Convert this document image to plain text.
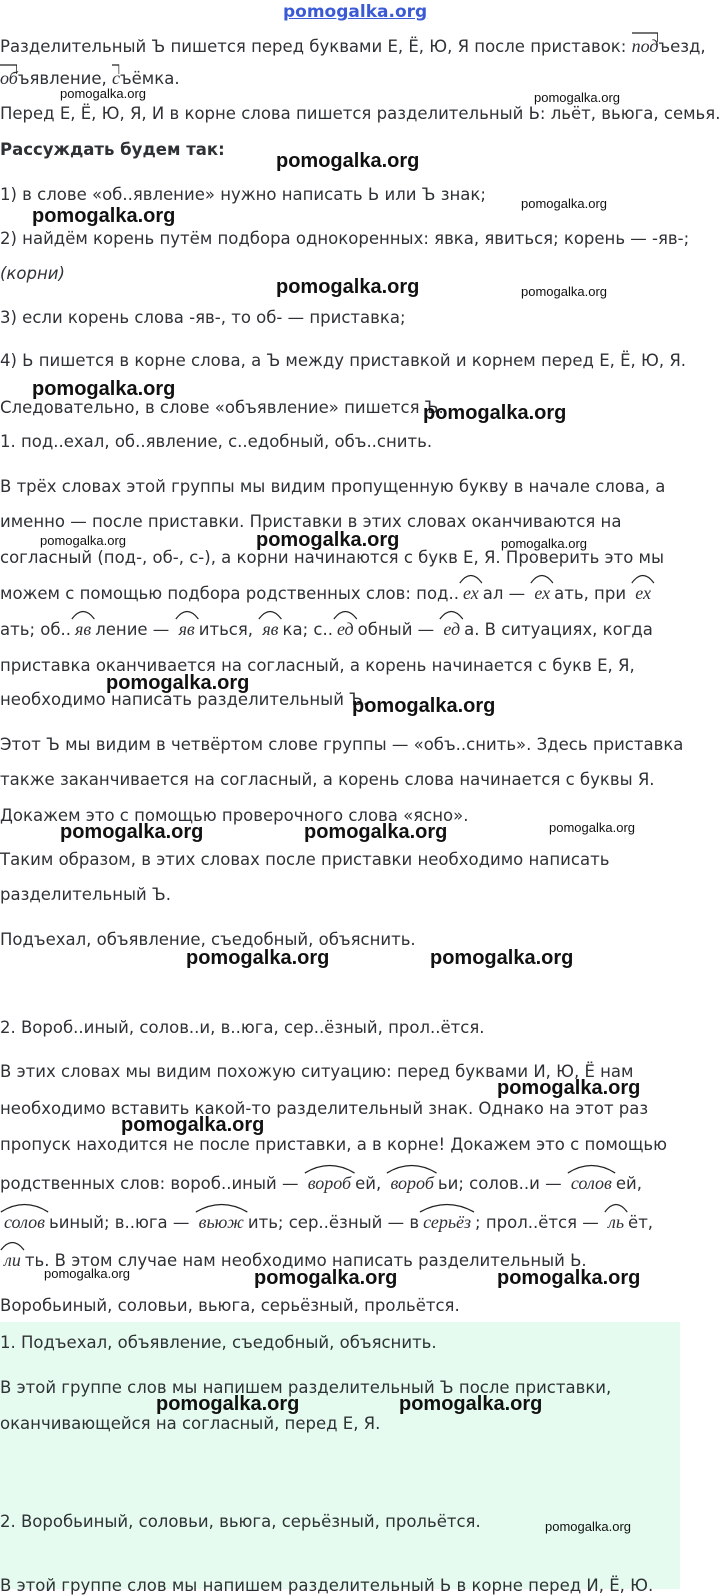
pomogalka.org
Разделительный Ъ пишется перед буквами Е, Ё, Ю, Я после приставок:
подъезд,
объявление, съёмка.
Перед Е, Ё, Ю, Я, И в корне слова пишется разделительный Ь: льёт, вьюга, семья.
Рассуждать будем так:
1) в слове «об..явление» нужно написать Ь или Ъ знак;
2) найдём корень путём подбора однокоренных: явка, явиться; корень — -яв-;
(корни)
3) если корень слова -яв-, то об- — приставка;
4) Ь пишется в корне слова, а Ъ между приставкой и корнем перед Е, Ё, Ю, Я.
Следовательно, в слове «объявление» пишется Ъ.
1. под..ехал, об..явление, с..едобный, объ..снить.
В трёх словах этой группы мы видим пропущенную букву в начале слова, а
именно — после приставки. Приставки в этих словах оканчиваются на
согласный (под-, об-, с-), а корни начинаются с букв Е, Я. Проверить это мы
можем с помощью подбора родственных слов: под.. ех ал — ех ать, при ех
ать; об.. яв ление — яв иться, яв ка; с.. ед обный — ед а. В ситуациях, когда
приставка оканчивается на согласный, а корень начинается с букв Е, Я,
необходимо написать разделительный Ъ.
Этот Ъ мы видим в четвёртом слове группы — «объ..снить». Здесь приставка
также заканчивается на согласный, а корень слова начинается с буквы Я.
Докажем это с помощью проверочного слова «ясно».
Таким образом, в этих словах после приставки необходимо написать
разделительный Ъ.
Подъехал, объявление, съедобный, объяснить.
2. Вороб..иный, солов..и, в..юга, сер..ёзный, прол..ётся.
В этих словах мы видим похожую ситуацию: перед буквами И, Ю, Ё нам
необходимо вставить какой-то разделительный знак. Однако на этот раз
пропуск находится не после приставки, а в корне! Докажем это с помощью
родственных слов: вороб..иный — вороб ей, вороб ьи; солов..и — солов ей,
солов ьиный; в..юга — вьюж ить; сер..ёзный — в серьёз ; прол..ётся — ль ёт,
ли ть. В этом случае нам необходимо написать разделительный Ь.
Воробьиный, соловьи, вьюга, серьёзный, прольётся.
1. Подъехал, объявление, съедобный, объяснить.
В этой группе слов мы напишем разделительный Ъ после приставки,
оканчивающейся на согласный, перед Е, Я.
2. Воробьиный, соловьи, вьюга, серьёзный, прольётся.
В этой группе слов мы напишем разделительный Ь в корне перед И, Ё, Ю.
pomogalka.org	pomogalka.org
pomogalka.org
pomogalka.org
pomogalka.org
pomogalka.org	pomogalka.org
pomogalka.org
pomogalka.org
pomogalka.org	pomogalka.org	pomogalka.org
pomogalka.org
pomogalka.org
pomogalka.org	pomogalka.org	pomogalka.org
pomogalka.org	pomogalka.org
pomogalka.org
pomogalka.org
pomogalka.org	pomogalka.org	pomogalka.org
pomogalka.org	pomogalka.org
pomogalka.org
